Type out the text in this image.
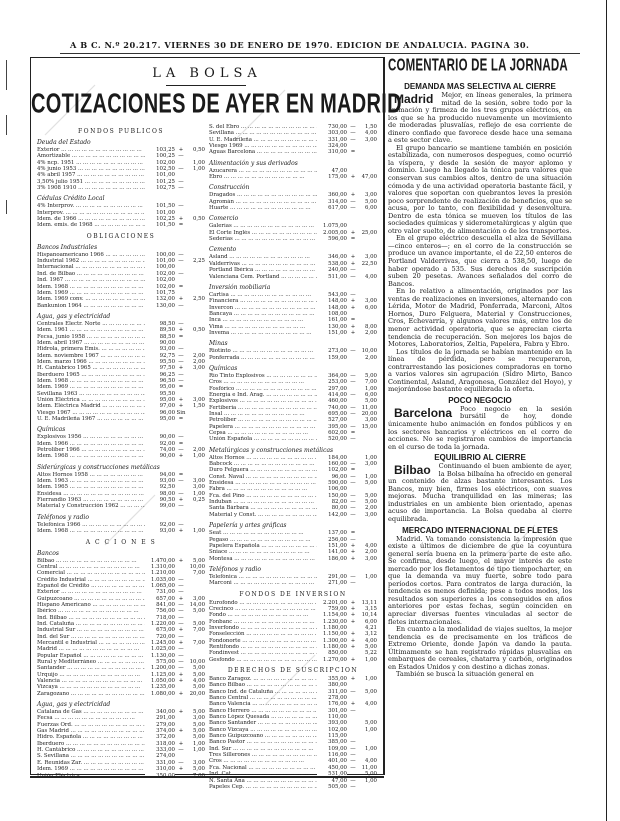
A B C. N.º 20.217. VIERNES 30 DE ENERO DE 1970. EDICION DE ANDALUCIA. PAGINA 30.
LA BOLSA
COTIZACIONES DE AYER EN MADRID
FONDOS PUBLICOS
Deuda del Estado
Exterior ... .	103,25 +	0,50
Amortizable ... .	100,25 —
4% ncp. 1951 ... .	102,00	1,00
4% junio 1953 ... .	102,50 —	1,00
4% abril 1957 ... .	101,00
3,50% julio 1951 ... .	101,25 —
3% 1908 1910 ... .	102,75 —
Cédulas Crédito Local
4% Interprov. ... .	101,50 —
Interprov. ... .	101,00
Idem. de 1966 ... .	102,25 +	0,50
Idem. emis. de 1968 ... .	101,50 =
OBLIGACIONES
Bancos Industriales
Hispanoamericano 1966 ... .	100,00 —
Industrial 1962 ... .	101,00 —	2,25
Internacional ... .	100,00
Ind. de Bilbao ... .	102,00 —
Ind. 1967 ... .	102,00
Idem. 1968 ... .	102,00 =
Idem. 1969 ... .	101,75
Idem. 1969 conv. ... .	132,00 +	2,50
Bankunion 1964 ... .	130,00 —
Agua, gas y electricidad
Centrales Electr. Norte ... .	98,50 —
Idem. 1961 ... .	89,50 +	0,50
Fecsa, junio 1958 ... .	88,50 =
Idem. abril 1967 ... .	90,00
Hidrola, primera Emis. ... .	93,00 —
Idem. noviembre 1967 ... .	92,75 —	2,00
Idem. marzo 1966 ... .	95,50 —	2,00
H. Cantábrico 1965 ... .	97,50 +	3,00
Iberduero 1965 ... .	96,25 —
Idem. 1968 ... .	96,50 —
Idem. 1969 ... .	95,00 =
Sevillana 1963 ... .	95,50
Unión Eléctrica ... .	95,00 +	3,00
Idem. Eléctrica Madrid ... .	97,00 +	1,50
Viesgo 1967 ... .	96,00 Sin
U. E. Madrileña 1967 ... .	95,00 =
Químicas
Explosivos 1956 ... .	90,00 —
Idem. 1966 ... .	92,00 =
Petroliber 1966 ... .	74,00 —	2,00
Idem. 1968 ... .	90,00 +	1,00
Siderúrgicas y construcciones metálicas
Altos Hornos 1958 ... .	94,00 =
Idem. 1963 ... .	93,00 —	3,00
Idem. 1965 ... .	92,50	3,00
Ensidesa ... .	98,00 —	1,00
Fierrandio 1963 ... .	90,50 +	0,25
Material y Construcción 1962 ... .	99,00 —
Teléfonos y radio
Telefónica 1966 ... .	92,00 —
Idem. 1968 ... .	93,00 +	1,00
A C C I O N E S
Bancos
Bilbao ... .	1.470,00 +	5,00
Central ... .	1.310,00	10,00
Comercial ... .	1.210,00	7,00
Crédito Industrial ... .	1.035,00 —
Español de Crédito ... .	1.065,00 —
Exterior ... .	731,00 —
Guipuzcoano ... .	657,00 +	3,00
Hispano Americano ... .	841,00 —	14,00
Ibérico ... .	756,00 —	5,00
Ind. Bilbao ... .	718,00 —
Ind. Cataluña ... .	1.220,00 —	5,00
Industrial Sur ... .	675,00 +	7,00
Ind. del Sur ... .	720,00 —
Mercantil e Industrial ... .	1.245,00 +	7,00
Madrid ... .	1.025,00 —
Popular Español ... .	1.130,00 —
Rural y Mediterráneo ... .	575,00 —	10,00
Santander ... .	1.200,00 —	5,00
Urquijo ... .	1.125,00 +	5,00
Valencia ... .	1.050,00 +	4,00
Vizcaya ... .	1.235,00	5,00
Zaragozano ... .	1.080,00 +	20,00
Agua, gas y electricidad
Catalana de Gas ... .	340,00 +	5,00
Fecsa ... .	291,00	3,00
Fuerzas Ord. ... .	279,00	5,00
Gas Madrid ... .	374,00 +	5,00
Hidro. Española ... .	372,00	5,00
Iberduero ... .	318,00 +	1,00
H. Cantábrico ... .	333,00 —	1,00
S. Sevillana ... .	274,00
E. Reunidas Zar. ... .	331,00 —	3,00
Idem. 1969 ... .	310,00 +	5,00
Unión Eléctrica ... .	350,00	7,00
S. del Ebro ... .	730,00 —	1,50
Sevillana ... .	303,00 —	4,00
U. E. Madrileña ... .	331,00 —	3,00
Viesgo 1969 ... .	324,00
Aguas Barcelona ... .	310,00 =
Alimentación y sus derivados
Azucarera ... .	47,00
Ebro ... .	175,00 +	47,00
Construcción
Dragados ... .	360,00 +	3,00
Agromán ... .	314,00 —	5,00
Huarte ... .	617,00 —	6,00
Comercio
Galerías ... .	1.075,00
El Corte Inglés ... .	2.005,00 +	25,00
Sederías ... .	596,00 =
Cemento
Asland ... .	346,00 +	3,00
Valderrivas ... .	538,00 +	22,50
Portland Ibérica ... .	240,00 —
Valenciana Cem. Portland ... .	511,00 —	4,00
Inversión mobiliaria
Cartisa ... .	543,00 —
Financiera ... .	148,00 +	3,00
Invercon ... .	148,00 +	6,00
Bancaya ... .	108,00
Inca ... .	161,00 =
Vima ... .	130,00 +	8,00
Invema ... .	151,00 +	2,00
Minas
Riotinto ... .	273,00 —	10,00
Ponferrada ... .	159,00	2,00
Químicas
Río Tinto Explosivos ... .	364,00 —	5,00
Cros ... .	253,00 —	7,00
Fosfórico ... .	297,00	1,00
Energía e Ind. Arag. ... .	414,00 —	6,00
Explosivos ... .	460,00	5,00
Fertiberia ... .	740,00 —	11,00
Insal ... .	695,00 —	20,00
Petroliber ... .	527,00	3,00
Papelera ... .	395,00 —	15,00
Cepsa ... .	602,00 =
Unión Española ... .	520,00 —
Metalúrgicas y construcciones metálicas
Altos Hornos ... .	184,00	1,00
Babcock ... .	160,00 —	3,00
Duro Felguera ... .	102,00 =
Const. Naval ... .	96,00 —	1,00
Ensidesa ... .	590,00 —	5,00
Fabra ... .	106,00
Fca. del Pino ... .	150,00 —	5,00
Induban ... .	82,00 —	5,00
Santa Bárbara ... .	80,00 —	2,00
Material y Const. ... .	142,00 —	3,00
Papelería y artes gráficas
Seat ... .	137,00 =
Pegaso ... .	256,00 —
Papelera Española ... .	151,00 +	4,00
Sniace ... .	141,00 +	2,00
Montesa ... .	186,00 +	3,00
Teléfonos y radio
Telefónica ... .	291,00 —	1,00
Marconi ... .	271,00 —
FONDOS DE INVERSION
Eurofondo ... .	2.201,00 +	13,11
Crecinco ... .	759,00 +	3,15
Fondo ... .	1.154,00 +	10,14
Fonbanc ... .	1.230,00 +	6,00
Inverfondo ... .	1.180,00	4,21
Fonselección ... .	1.150,00 +	3,12
Fondonorte ... .	1.300,00 +	4,00
Rentifondo ... .	1.180,00 +	5,00
Fondinvest ... .	850,00	5,22
Gesfondo ... .	1.270,00 +	1,00
DERECHOS DE SUSCRIPCION
Banco Zaragoz. ... .	355,00 +	1,00
Banco Bilbao ... .	380,00
Banco Ind. de Cataluña ... .	311,00 —	5,00
Banco Central ... .	278,00
Banco Valencia ... .	176,00 +	4,00
Banco Herrero ... .	301,00 —
Banco López Quesada ... .	110,00
Banco Santander ... .	393,00	5,00
Banco Vizcaya ... .	102,00	1,00
Banco Guipuzcoano ... .	115,00
Banco Pastor ... .	385,00 —
Ind. Sur ... .	109,00 —	1,00
Tres Sillerones ... .	116,00 —
Cros ... .	401,00 —	4,00
Fca. Nacional ... .	450,00 —	11,00
Ind. Cat. ... .	531,00	5,00
N. Santa Ana ... .	47,00 —	1,00
Papeles Cep. ... .	505,00 —
COMENTARIO DE LA JORNADA
DEMANDA MAS SELECTIVA AL CIERRE

Madrid Mejor, en líneas generales, la primera mitad de la sesión, sobre todo por la animación y firmeza de los tres grupos eléctricos, en los que se ha producido nuevamente un movimiento de moderadas plusvalías, reflejo de esa corriente de dinero confiado que favorece desde hace una semana a este sector clave.

El grupo bancario se mantiene también en posición estabilizada, con numerosos despegues, como ocurrió la víspera, y desde la sesión de mayor aplomo y dominio. Luego ha llegado la tónica para valores que conservan sus cambios altos, dentro de una situación cómoda y de una actividad operatoria bastante fácil, y valores que soportan con quebrantos leves la presión poco sorprendente de realización de beneficios, que se acusa, por lo tanto, con flexibilidad y desenvoltura. Dentro de esta tónica se mueven los títulos de las sociedades químicas y siderometalúrgicas y algún que otro valor suelto, de alimentación o de los transportes.

En el grupo eléctrico descuella el alza de Sevillana —cinco enteros—; en el corro de la construcción se produce un avance importante, el de 22,50 enteros de Portland Valderrivas, que cierra a 538,50, luego de haber operado a 535. Sus derechos de suscripción suben 20 pesetas. Avances señalados del corro de Bancos.

En lo relativo a alimentación, originados por las ventas de realizaciones en inversiones, alternando con Lérida, Motor de Madrid, Ponferrada, Marconi, Altos Hornos, Duro Felguera, Material y Construcciones, Cros, Echevarría, y algunos valores más, entre los de menor actividad operatoria, que se aprecian cierta tendencia de recuperación. Son mejores los bajos de Motores, Laboratorios, Zeltia, Papelera, Fabra y Ebro.

Los títulos de la jornada se habían mantenido en la línea de pérdida, pero se recuperaron, contrarrestando las posiciones compradoras en torno a varios valores sin agrupación (Sidro Mirto, Banco Continental, Asland, Aragonesa, González del Hoyo), y mejorándose bastante equilibrada la oferta.

POCO NEGOCIO

Barcelona Poco negocio en la sesión bursátil de hoy, donde únicamente hubo animación en fondos públicos y en los sectores bancarios y eléctricos en el corro de acciones. No se registraron cambios de importancia en el curso de toda la jornada.

EQUILIBRIO AL CIERRE

Bilbao Continuando el buen ambiente de ayer, la Bolsa bilbaína ha ofrecido en general un contenido de alzas bastante interesantes. Los Bancos, muy bien, firmes los eléctricos, con suaves mejoras. Mucha tranquilidad en las mineras; las industriales en un ambiente bien orientado, apenas acuso de importancia. La Bolsa quedaba al cierre equilibrada.

MERCADO INTERNACIONAL DE FLETES

Madrid. Va tomando consistencia la impresión que existe a últimos de diciembre de que la coyuntura general sería buena en la primera parte de este año. Se confirma, desde luego, el mayor interés de este mercado por los fletamentos de tipo tiempocharter, en que la demanda va muy fuerte, sobre todo para períodos cortos. Para contratos de larga duración, la tendencia es menos definida; pese a todos modos, los resultados son superiores a los conseguidos en años anteriores por estas fechas, según coinciden en apreciar diversas fuentes vinculadas al sector de fletes internacionales.

En cuanto a la modalidad de viajes sueltos, la mejor tendencia es de precisamente en los tráficos de Extremo Oriente, donde Japón va dando la pauta. Últimamente se han registrado rápidas plusvalías en embarques de cereales, chatarra y carbón, originados en Estados Unidos y con destino a dichas zonas.

También se busca la situación general en
